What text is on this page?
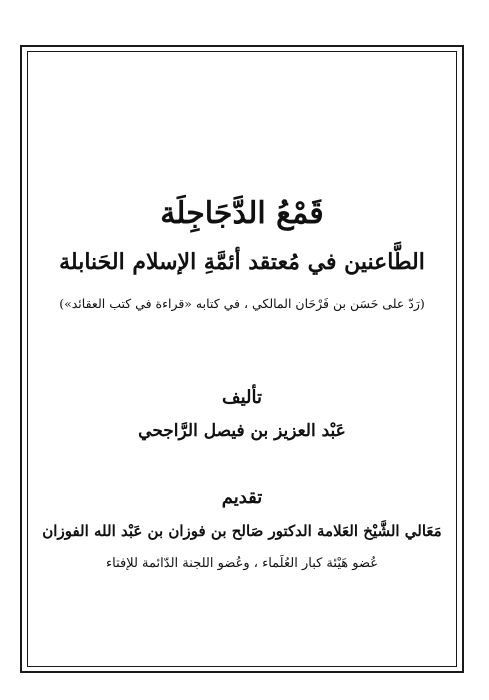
قَمْعُ الدَّجَاجِلَة
الطَّاعنين في مُعتقد أئمَّةِ الإسلام الحَنابلة
(رَدّ على حَسَن بن فَرْحَان المالكي ، في كتابه «قراءة في كتب العقائد»)
تأليف
عَبْد العزيز بن فيصل الرَّاجحي
تقديم
مَعَالي الشَّيْخ العَلامة الدكتور صَالح بن فوزان بن عَبْد الله الفوزان
عُضو هَيْئة كبار العُلَماء ، وعُضو اللجنة الدّائمة للإفتاء
